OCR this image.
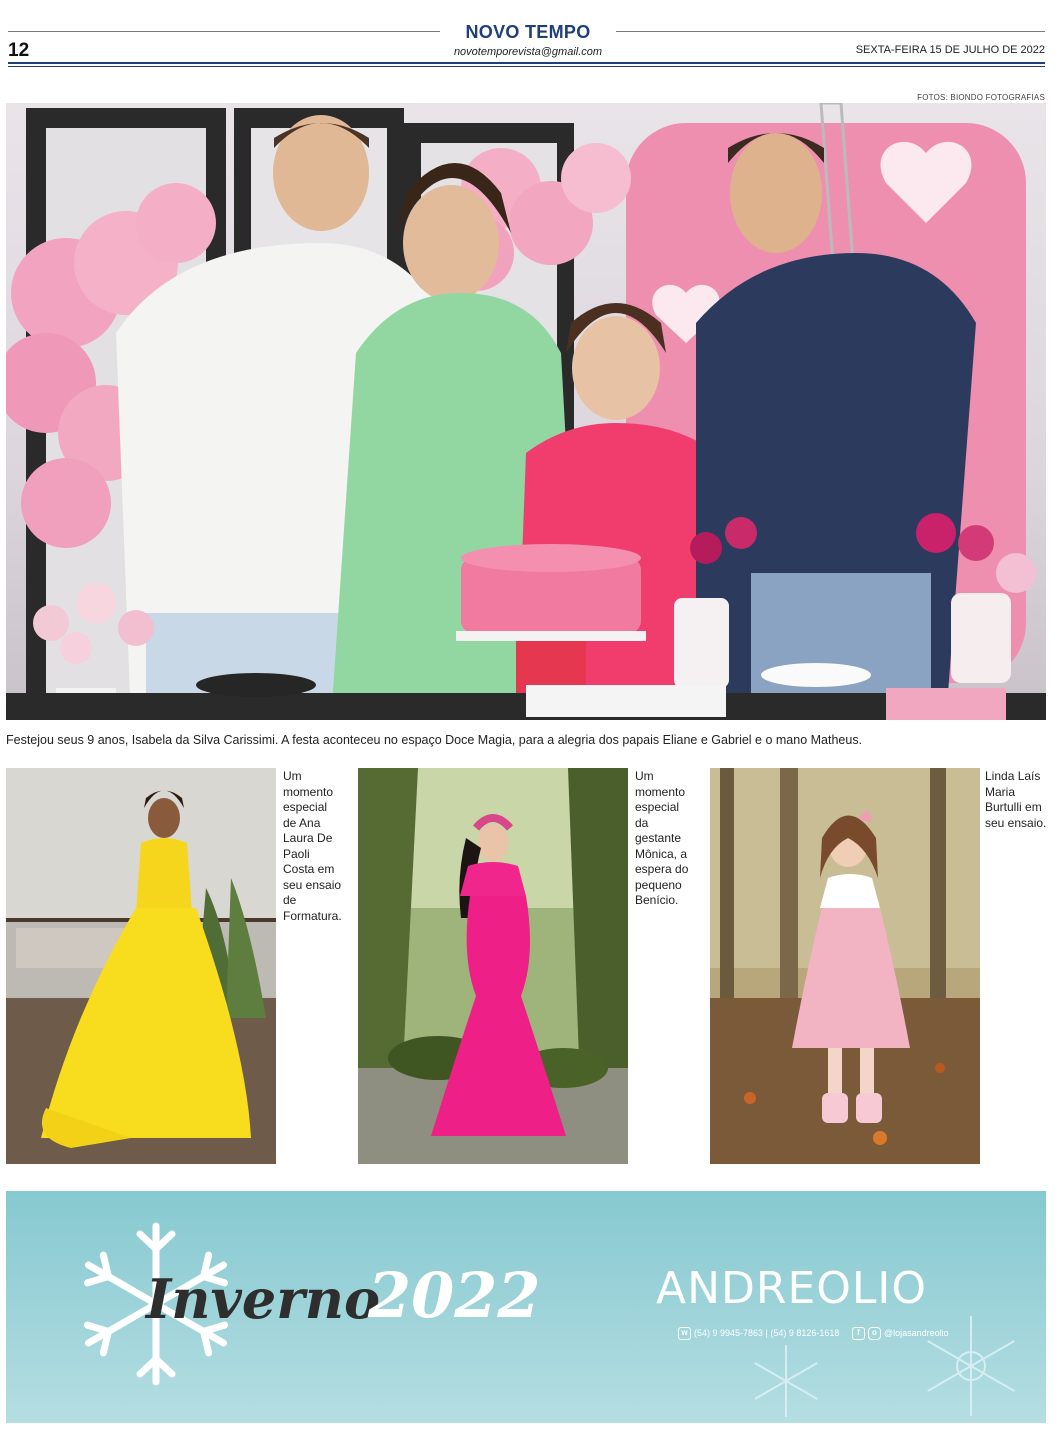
NOVO TEMPO
12	novotemporevista@gmail.com	SEXTA-FEIRA 15 DE JULHO DE 2022
FOTOS: BIONDO FOTOGRAFIAS
Festejou seus 9 anos, Isabela da Silva Carissimi. A festa aconteceu no espaço Doce Magia, para a alegria dos papais Eliane e Gabriel e o mano Matheus.
Um momento especial de Ana Laura De Paoli Costa em seu ensaio de Formatura.
Um momento especial da gestante Mônica, a espera do pequeno Benício.
Linda Laís Maria Burtulli em seu ensaio.
Inverno
2022	ANDREOLIO
w (54) 9 9945-7863 | (54) 9 8126-1618	f o @lojasandreolio
